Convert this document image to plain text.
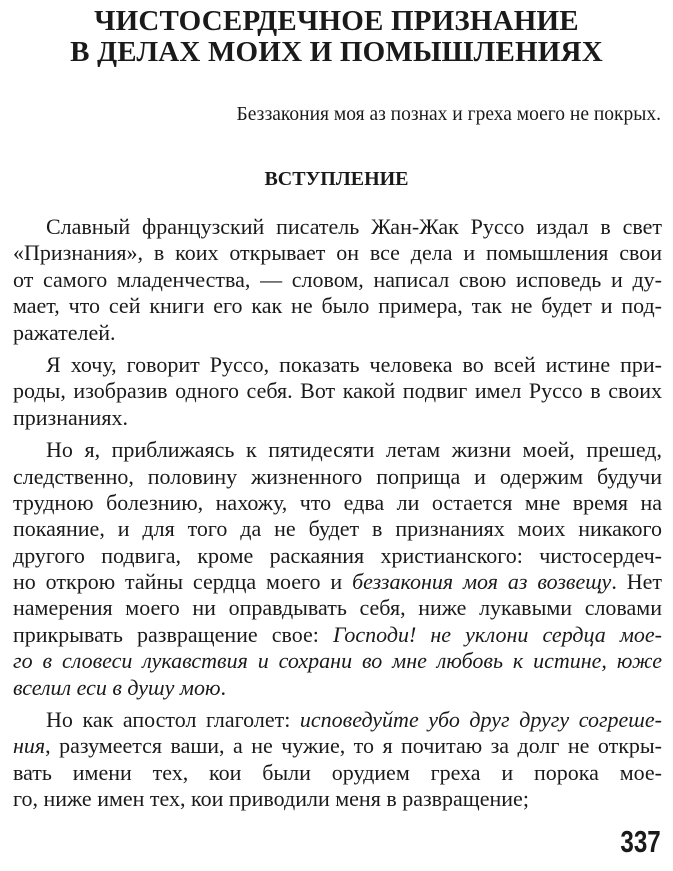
ЧИСТОСЕРДЕЧНОЕ ПРИЗНАНИЕ
В ДЕЛАХ МОИХ И ПОМЫШЛЕНИЯХ
Беззакония моя аз познах и греха моего не покрых.
ВСТУПЛЕНИЕ
Славный французский писатель Жан-Жак Руссо издал в свет
«Признания», в коих открывает он все дела и помышления свои
от самого младенчества, — словом, написал свою исповедь и ду-
мает, что сей книги его как не было примера, так не будет и под-
ражателей.
Я хочу, говорит Руссо, показать человека во всей истине при-
роды, изобразив одного себя. Вот какой подвиг имел Руссо в своих
признаниях.
Но я, приближаясь к пятидесяти летам жизни моей, прешед,
следственно, половину жизненного поприща и одержим будучи
трудною болезнию, нахожу, что едва ли остается мне время на
покаяние, и для того да не будет в признаниях моих никакого
другого подвига, кроме раскаяния христианского: чистосердеч-
но открою тайны сердца моего и беззакония моя аз возвещу. Нет
намерения моего ни оправдывать себя, ниже лукавыми словами
прикрывать развращение свое: Господи! не уклони сердца мое-
го в словеси лукавствия и сохрани во мне любовь к истине, юже
вселил еси в душу мою.
Но как апостол глаголет: исповедуйте убо друг другу согреше-
ния, разумеется ваши, а не чужие, то я почитаю за долг не откры-
вать имени тех, кои были орудием греха и порока мое-
го, ниже имен тех, кои приводили меня в развращение;
337
